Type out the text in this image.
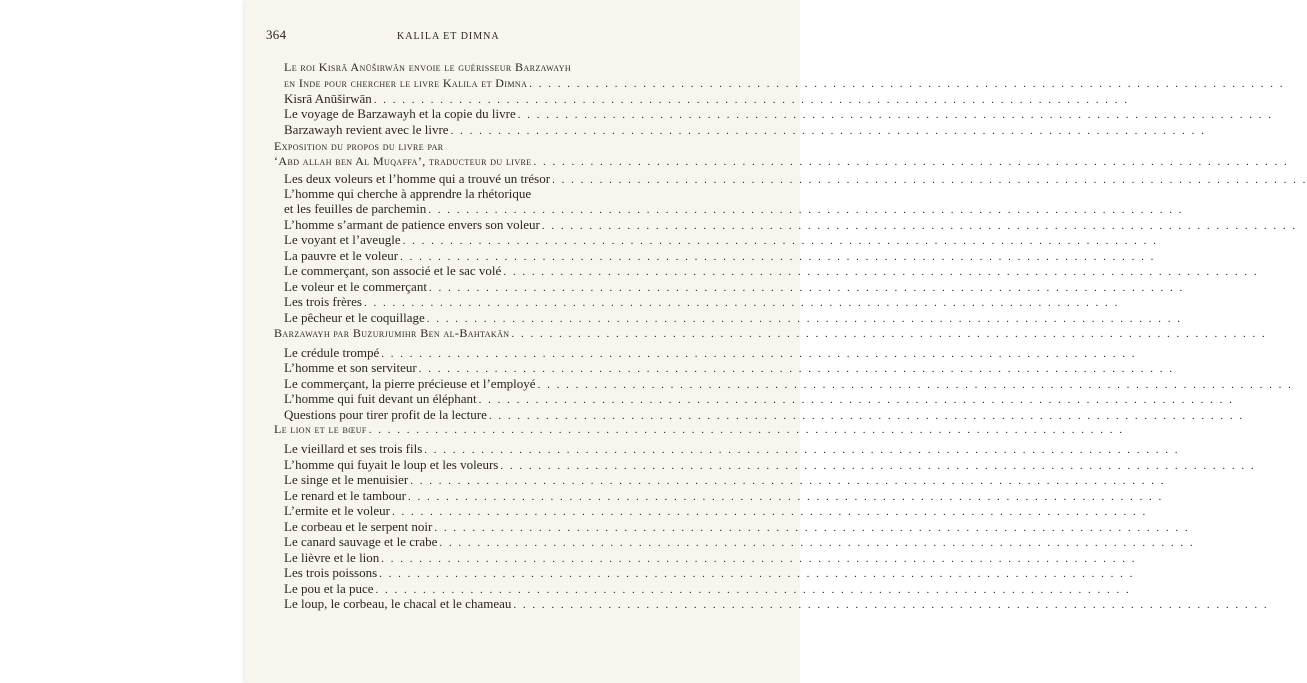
364	KALILA ET DIMNA
Le roi Kisrā Anūširwān envoie le guérisseur Barzawayh
en Inde pour chercher le livre Kalila et Dimna . . . . . . . . . . . . . . . . . . . . . . . . . . . . . . . . . . . . . . . . . . . . . . . . . . . . . . . . . . . . . . . . . . . . . . . . . . . . . . . .
Kisrā Anūširwān . . . . . . . . . . . . . . . . . . . . . . . . . . . . . . . . . . . . . . . . . . . . . . . . . . . . . . . . . . . . . . . . . . . . . . . . . . . . . . . .
Le voyage de Barzawayh et la copie du livre . . . . . . . . . . . . . . . . . . . . . . . . . . . . . . . . . . . . . . . . . . . . . . . . . . . . . . . . . . . . . . . . . . . . . . . . . . . . . . . .
Barzawayh revient avec le livre . . . . . . . . . . . . . . . . . . . . . . . . . . . . . . . . . . . . . . . . . . . . . . . . . . . . . . . . . . . . . . . . . . . . . . . . . . . . . . . .
Exposition du propos du livre par
‘Abd allah ben Al Muqaffa’, traducteur du livre . . . . . . . . . . . . . . . . . . . . . . . . . . . . . . . . . . . . . . . . . . . . . . . . . . . . . . . . . . . . . . . . . . . . . . . . . . . . . . . .
Les deux voleurs et l’homme qui a trouvé un trésor . . . . . . . . . . . . . . . . . . . . . . . . . . . . . . . . . . . . . . . . . . . . . . . . . . . . . . . . . . . . . . . . . . . . . . . . . . . . . . . .
L’homme qui cherche à apprendre la rhétorique
et les feuilles de parchemin . . . . . . . . . . . . . . . . . . . . . . . . . . . . . . . . . . . . . . . . . . . . . . . . . . . . . . . . . . . . . . . . . . . . . . . . . . . . . . . .
L’homme s’armant de patience envers son voleur . . . . . . . . . . . . . . . . . . . . . . . . . . . . . . . . . . . . . . . . . . . . . . . . . . . . . . . . . . . . . . . . . . . . . . . . . . . . . . . .
Le voyant et l’aveugle . . . . . . . . . . . . . . . . . . . . . . . . . . . . . . . . . . . . . . . . . . . . . . . . . . . . . . . . . . . . . . . . . . . . . . . . . . . . . . . .
La pauvre et le voleur . . . . . . . . . . . . . . . . . . . . . . . . . . . . . . . . . . . . . . . . . . . . . . . . . . . . . . . . . . . . . . . . . . . . . . . . . . . . . . . .
Le commerçant, son associé et le sac volé . . . . . . . . . . . . . . . . . . . . . . . . . . . . . . . . . . . . . . . . . . . . . . . . . . . . . . . . . . . . . . . . . . . . . . . . . . . . . . . .
Le voleur et le commerçant . . . . . . . . . . . . . . . . . . . . . . . . . . . . . . . . . . . . . . . . . . . . . . . . . . . . . . . . . . . . . . . . . . . . . . . . . . . . . . . .
Les trois frères . . . . . . . . . . . . . . . . . . . . . . . . . . . . . . . . . . . . . . . . . . . . . . . . . . . . . . . . . . . . . . . . . . . . . . . . . . . . . . . .
Le pêcheur et le coquillage . . . . . . . . . . . . . . . . . . . . . . . . . . . . . . . . . . . . . . . . . . . . . . . . . . . . . . . . . . . . . . . . . . . . . . . . . . . . . . . .
Barzawayh par Buzurjumihr Ben al-Bahtakān . . . . . . . . . . . . . . . . . . . . . . . . . . . . . . . . . . . . . . . . . . . . . . . . . . . . . . . . . . . . . . . . . . . . . . . . . . . . . . . .
Le crédule trompé . . . . . . . . . . . . . . . . . . . . . . . . . . . . . . . . . . . . . . . . . . . . . . . . . . . . . . . . . . . . . . . . . . . . . . . . . . . . . . . .
L’homme et son serviteur . . . . . . . . . . . . . . . . . . . . . . . . . . . . . . . . . . . . . . . . . . . . . . . . . . . . . . . . . . . . . . . . . . . . . . . . . . . . . . . .
Le commerçant, la pierre précieuse et l’employé . . . . . . . . . . . . . . . . . . . . . . . . . . . . . . . . . . . . . . . . . . . . . . . . . . . . . . . . . . . . . . . . . . . . . . . . . . . . . . . .
L’homme qui fuit devant un éléphant . . . . . . . . . . . . . . . . . . . . . . . . . . . . . . . . . . . . . . . . . . . . . . . . . . . . . . . . . . . . . . . . . . . . . . . . . . . . . . . .
Questions pour tirer profit de la lecture . . . . . . . . . . . . . . . . . . . . . . . . . . . . . . . . . . . . . . . . . . . . . . . . . . . . . . . . . . . . . . . . . . . . . . . . . . . . . . . .
Le lion et le bœuf . . . . . . . . . . . . . . . . . . . . . . . . . . . . . . . . . . . . . . . . . . . . . . . . . . . . . . . . . . . . . . . . . . . . . . . . . . . . . . . .
Le vieillard et ses trois fils . . . . . . . . . . . . . . . . . . . . . . . . . . . . . . . . . . . . . . . . . . . . . . . . . . . . . . . . . . . . . . . . . . . . . . . . . . . . . . . .
L’homme qui fuyait le loup et les voleurs . . . . . . . . . . . . . . . . . . . . . . . . . . . . . . . . . . . . . . . . . . . . . . . . . . . . . . . . . . . . . . . . . . . . . . . . . . . . . . . .
Le singe et le menuisier . . . . . . . . . . . . . . . . . . . . . . . . . . . . . . . . . . . . . . . . . . . . . . . . . . . . . . . . . . . . . . . . . . . . . . . . . . . . . . . .
Le renard et le tambour . . . . . . . . . . . . . . . . . . . . . . . . . . . . . . . . . . . . . . . . . . . . . . . . . . . . . . . . . . . . . . . . . . . . . . . . . . . . . . . .
L’ermite et le voleur . . . . . . . . . . . . . . . . . . . . . . . . . . . . . . . . . . . . . . . . . . . . . . . . . . . . . . . . . . . . . . . . . . . . . . . . . . . . . . . .
Le corbeau et le serpent noir . . . . . . . . . . . . . . . . . . . . . . . . . . . . . . . . . . . . . . . . . . . . . . . . . . . . . . . . . . . . . . . . . . . . . . . . . . . . . . . .
Le canard sauvage et le crabe . . . . . . . . . . . . . . . . . . . . . . . . . . . . . . . . . . . . . . . . . . . . . . . . . . . . . . . . . . . . . . . . . . . . . . . . . . . . . . . .
Le lièvre et le lion . . . . . . . . . . . . . . . . . . . . . . . . . . . . . . . . . . . . . . . . . . . . . . . . . . . . . . . . . . . . . . . . . . . . . . . . . . . . . . . .
Les trois poissons . . . . . . . . . . . . . . . . . . . . . . . . . . . . . . . . . . . . . . . . . . . . . . . . . . . . . . . . . . . . . . . . . . . . . . . . . . . . . . . .
Le pou et la puce . . . . . . . . . . . . . . . . . . . . . . . . . . . . . . . . . . . . . . . . . . . . . . . . . . . . . . . . . . . . . . . . . . . . . . . . . . . . . . . .
Le loup, le corbeau, le chacal et le chameau . . . . . . . . . . . . . . . . . . . . . . . . . . . . . . . . . . . . . . . . . . . . . . . . . . . . . . . . . . . . . . . . . . . . . . . . . . . . . . . .
